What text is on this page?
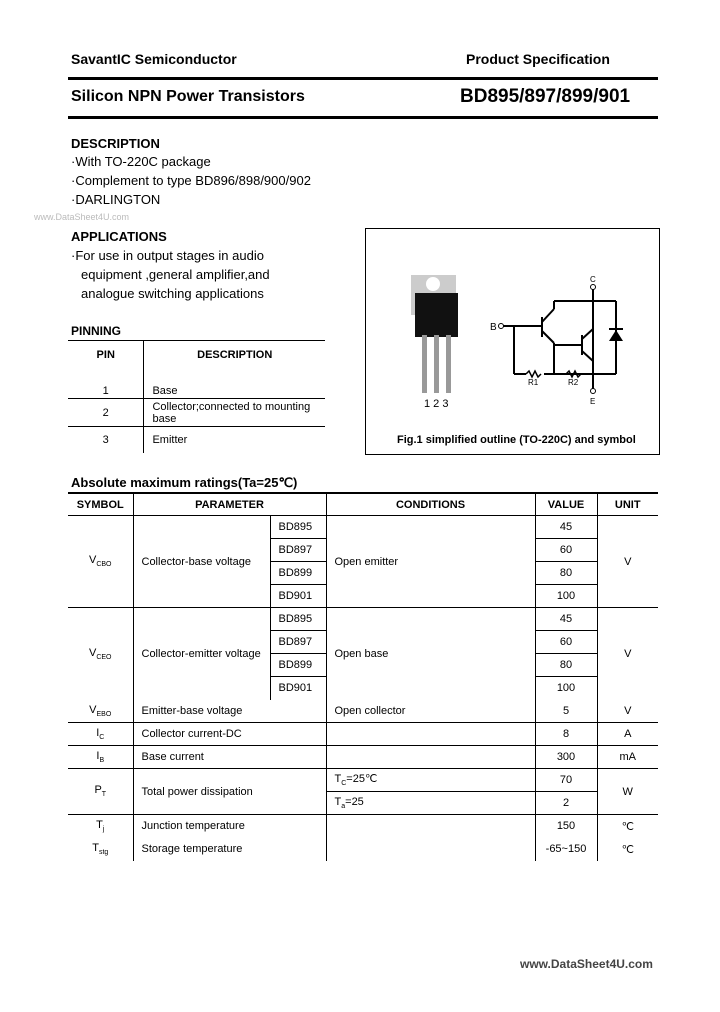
SavantIC Semiconductor	Product Specification
Silicon NPN Power Transistors	BD895/897/899/901
DESCRIPTION
·With TO-220C package
·Complement to type BD896/898/900/902
·DARLINGTON
www.DataSheet4U.com
APPLICATIONS
·For use in output stages in audio
equipment ,general amplifier,and
analogue switching applications
PINNING
PIN	DESCRIPTION
1	Base
2	Collector;connected to mounting base
3	Emitter
B
C
E
R1	R2
1 2 3
Fig.1 simplified outline (TO-220C) and symbol
Absolute maximum ratings(Ta=25℃)
SYMBOL	PARAMETER	CONDITIONS	VALUE	UNIT
$V_{CBO}$	Collector-base voltage	BD895	Open emitter	45	V
		BD897		60	
		BD899		80	
		BD901		100	
$V_{CEO}$	Collector-emitter voltage	BD895	Open base	45	V
		BD897		60	
		BD899		80	
		BD901		100	
$V_{EBO}$	Emitter-base voltage		Open collector	5	V
$I_C$	Collector current-DC			8	A
$I_B$	Base current			300	mA
$P_T$	Total power dissipation		$T_C=25℃$	70	W
			$T_a=25$	2	
$T_j$	Junction temperature			150	℃
$T_{stg}$	Storage temperature			-65~150	℃
www.DataSheet4U.com
